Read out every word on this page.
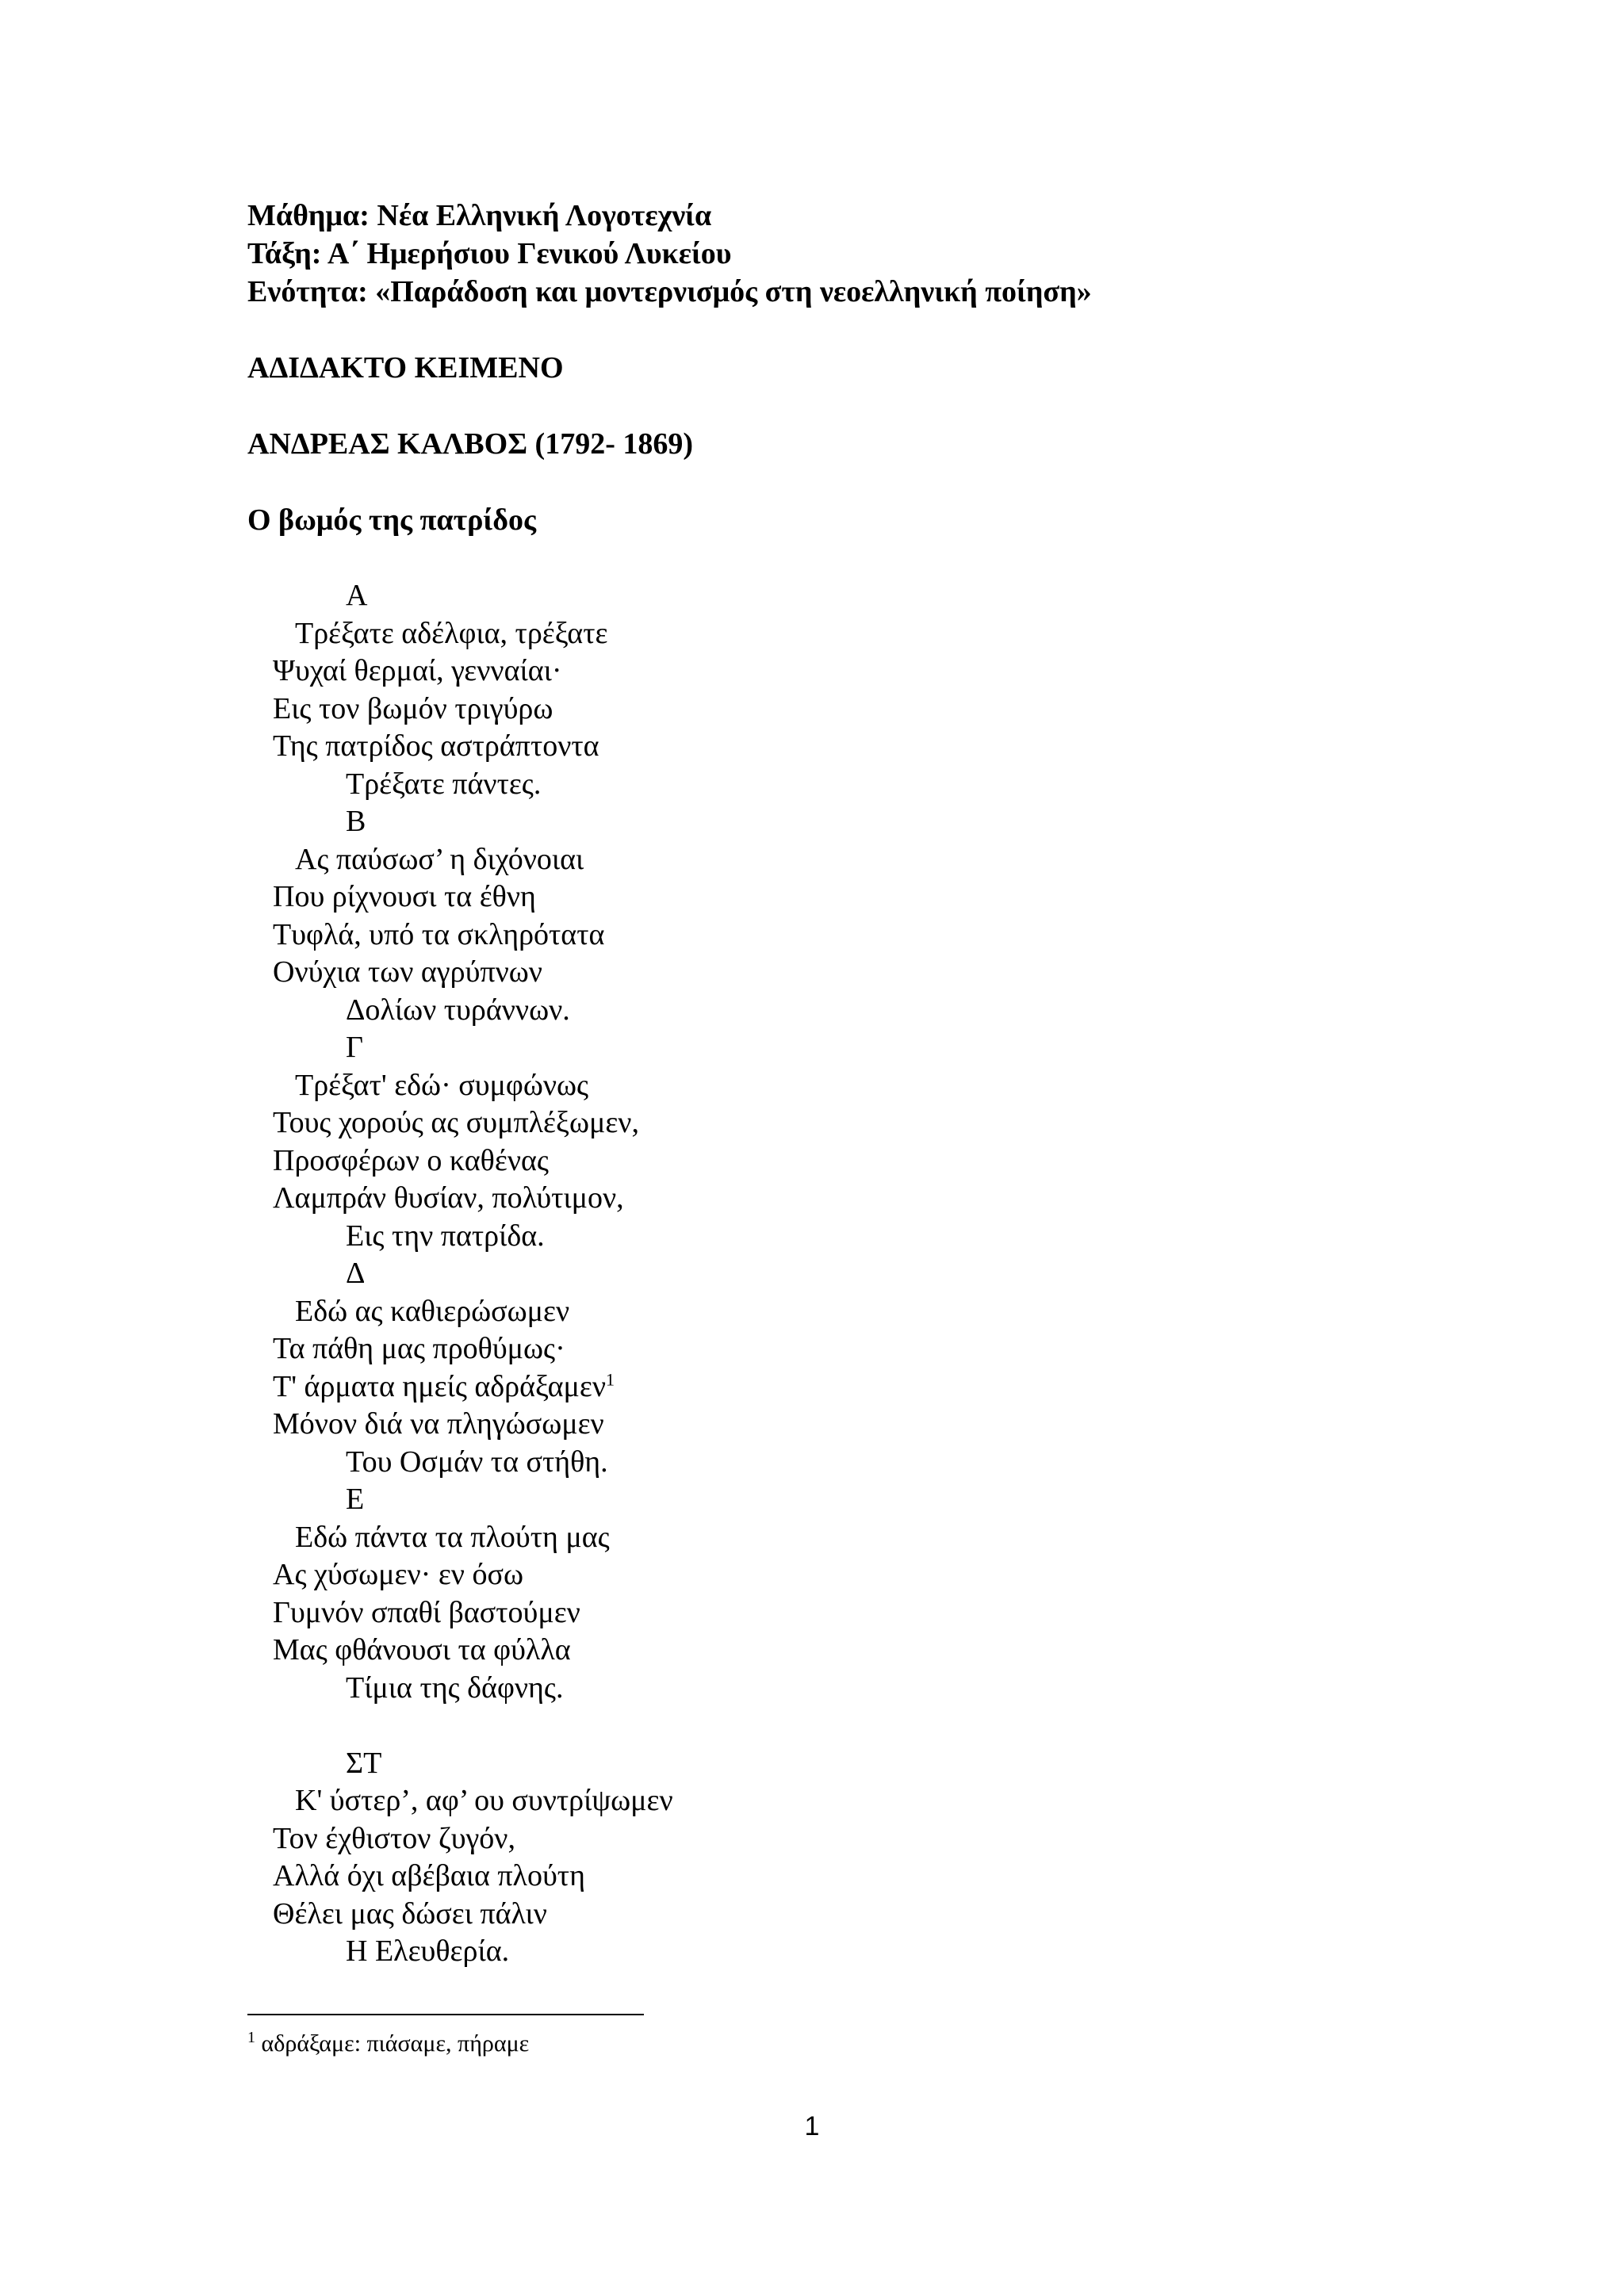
Μάθημα: Νέα Ελληνική Λογοτεχνία
Τάξη: Α΄ Ημερήσιου Γενικού Λυκείου
Ενότητα: «Παράδοση και μοντερνισμός στη νεοελληνική ποίηση»
ΑΔΙΔΑΚΤΟ ΚΕΙΜΕΝΟ
ΑΝΔΡΕΑΣ ΚΑΛΒΟΣ (1792- 1869)
Ο βωμός της πατρίδος
Α
Τρέξατε αδέλφια, τρέξατε
Ψυχαί θερμαί, γενναίαι·
Εις τον βωμόν τριγύρω
Της πατρίδος αστράπτοντα
Τρέξατε πάντες.
Β
Ας παύσωσ’ η διχόνοιαι
Που ρίχνουσι τα έθνη
Τυφλά, υπό τα σκληρότατα
Ονύχια των αγρύπνων
Δολίων τυράννων.
Γ
Τρέξατ' εδώ· συμφώνως
Τους χορούς ας συμπλέξωμεν,
Προσφέρων ο καθένας
Λαμπράν θυσίαν, πολύτιμον,
Εις την πατρίδα.
Δ
Εδώ ας καθιερώσωμεν
Τα πάθη μας προθύμως·
Τ' άρματα ημείς αδράξαμεν$^1$
Μόνον διά να πληγώσωμεν
Του Οσμάν τα στήθη.
Ε
Εδώ πάντα τα πλούτη μας
Ας χύσωμεν· εν όσω
Γυμνόν σπαθί βαστούμεν
Μας φθάνουσι τα φύλλα
Τίμια της δάφνης.
ΣΤ
Κ' ύστερ’, αφ’ ου συντρίψωμεν
Τον έχθιστον ζυγόν,
Αλλά όχι αβέβαια πλούτη
Θέλει μας δώσει πάλιν
Η Ελευθερία.
$^1$ αδράξαμε: πιάσαμε, πήραμε
1
